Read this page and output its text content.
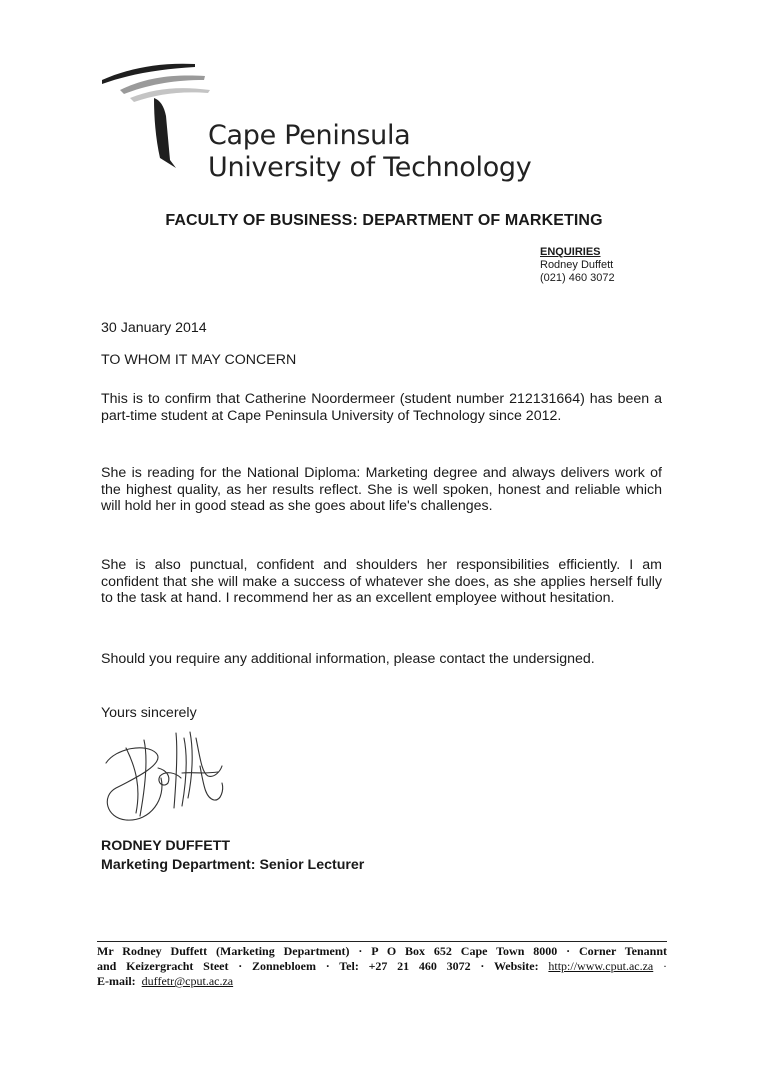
Cape Peninsula
University of Technology
FACULTY OF BUSINESS: DEPARTMENT OF MARKETING
ENQUIRIES
Rodney Duffett
(021) 460 3072
30 January 2014
TO WHOM IT MAY CONCERN
This is to confirm that Catherine Noordermeer (student number 212131664) has been a part-time student at Cape Peninsula University of Technology since 2012.
She is reading for the National Diploma: Marketing degree and always delivers work of the highest quality, as her results reflect. She is well spoken, honest and reliable which will hold her in good stead as she goes about life's challenges.
She is also punctual, confident and shoulders her responsibilities efficiently. I am confident that she will make a success of whatever she does, as she applies herself fully to the task at hand. I recommend her as an excellent employee without hesitation.
Should you require any additional information, please contact the undersigned.
Yours sincerely
RODNEY DUFFETT
Marketing Department: Senior Lecturer
Mr Rodney Duffett (Marketing Department) · P O Box 652 Cape Town 8000 · Corner Tenannt
and Keizergracht Steet · Zonnebloem · Tel: +27 21 460 3072 · Website: http://www.cput.ac.za ·
E-mail: duffetr@cput.ac.za
